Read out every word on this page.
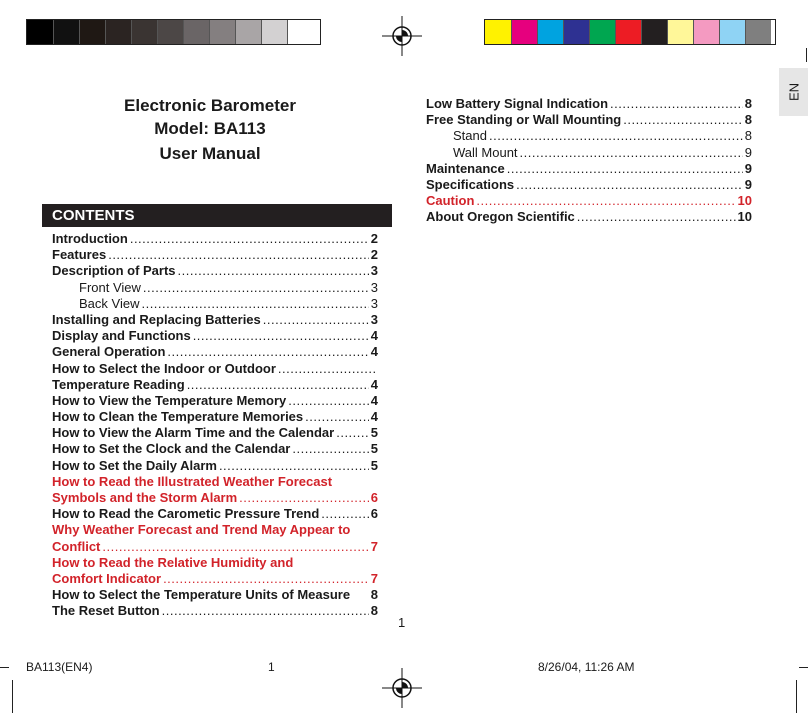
EN
Electronic Barometer
Model: BA113
User Manual
CONTENTS
Introduction .....	2
Features .....	2
Description of Parts .....	3
Front View .....	3
Back View .....	3
Installing and Replacing Batteries .....	3
Display and Functions .....	4
General Operation .....	4
How to Select the Indoor or Outdoor
.....
Temperature Reading .....	4
How to View the Temperature Memory .....	4
How to Clean the Temperature Memories .....	4
How to View the Alarm Time and the Calendar .....	5
How to Set the Clock and the Calendar .....	5
How to Set the Daily Alarm .....	5
How to Read the Illustrated Weather Forecast
Symbols and the Storm Alarm .....	6
How to Read the Carometic Pressure Trend .....	6
Why Weather Forecast and Trend May Appear to
Conflict .....	7
How to Read the Relative Humidity and
Comfort Indicator .....	7
How to Select the Temperature Units of Measure 8
The Reset Button .....	8
Low Battery Signal Indication .....	8
Free Standing or Wall Mounting .....	8
Stand .....	8
Wall Mount .....	9
Maintenance .....	9
Specifications .....	9
Caution .....	10
About Oregon Scientific .....	10
1
BA113(EN4)	1	8/26/04, 11:26 AM
